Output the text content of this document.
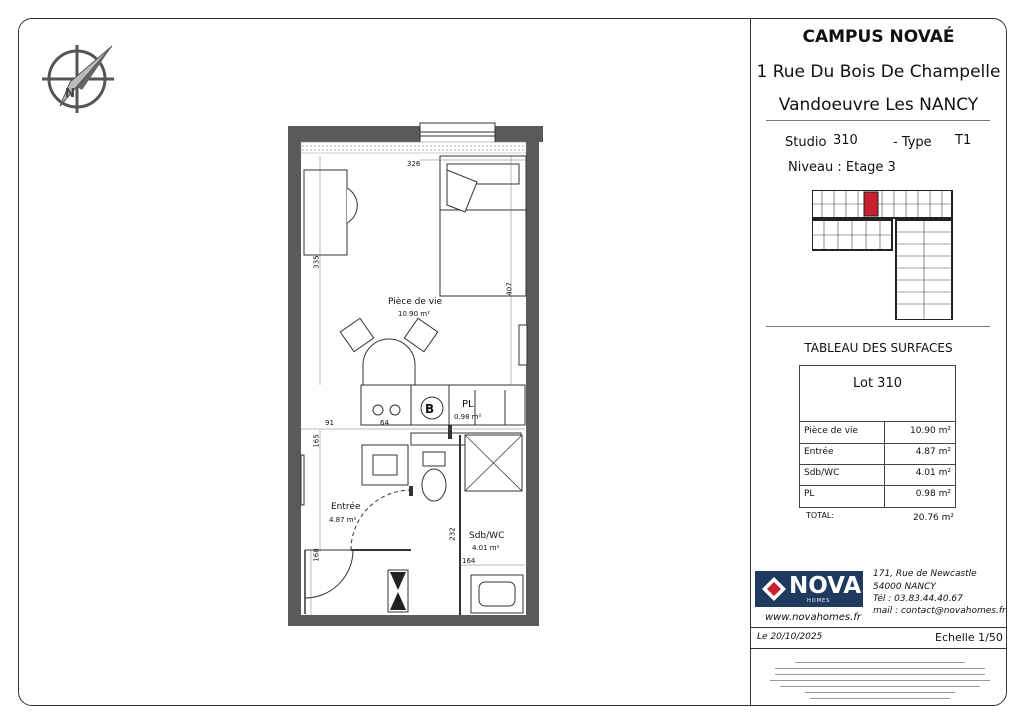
N
326
335
407
Pièce de vie
10.90 m²
B	PL
0.98 m²
91	64
165
Entrée
4.87 m²
232 Sdb/WC
4.01 m²
164
168
CAMPUS NOVAÉ
1 Rue Du Bois De Champelle
Vandoeuvre Les NANCY
Studio 310	- Type T1
Niveau : Etage 3
TABLEAU DES SURFACES
Lot 310
Pièce de vie	10.90 m²
Entrée	4.87 m²
Sdb/WC	4.01 m²
PL	0.98 m²
TOTAL:	20.76 m²
NOVA
HOMES
www.novahomes.fr
171, Rue de Newcastle
54000 NANCY
Tél : 03.83.44.40.67
mail : contact@novahomes.fr
Le 20/10/2025	Echelle 1/50
